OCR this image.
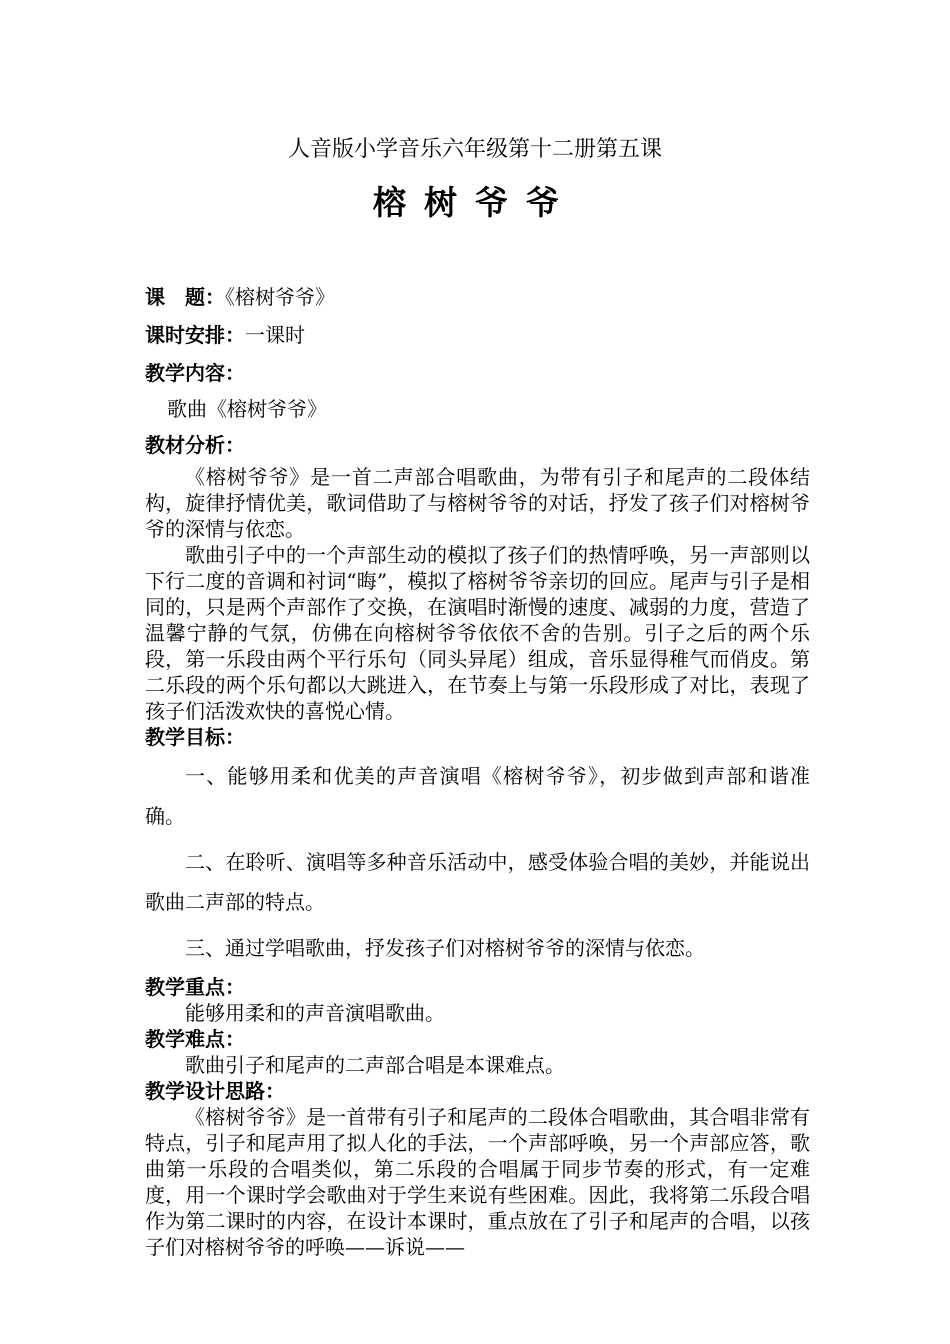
人音版小学音乐六年级第十二册第五课
榕树爷爷
课　题：《榕树爷爷》
课时安排：一课时
教学内容：
歌曲《榕树爷爷》
教材分析：

《榕树爷爷》是一首二声部合唱歌曲，为带有引子和尾声的二段体结构，旋律抒情优美，歌词借助了与榕树爷爷的对话，抒发了孩子们对榕树爷爷的深情与依恋。

歌曲引子中的一个声部生动的模拟了孩子们的热情呼唤，另一声部则以下行二度的音调和衬词“晦”，模拟了榕树爷爷亲切的回应。尾声与引子是相同的，只是两个声部作了交换，在演唱时渐慢的速度、减弱的力度，营造了温馨宁静的气氛，仿佛在向榕树爷爷依依不舍的告别。引子之后的两个乐段，第一乐段由两个平行乐句（同头异尾）组成，音乐显得稚气而俏皮。第二乐段的两个乐句都以大跳进入，在节奏上与第一乐段形成了对比，表现了孩子们活泼欢快的喜悦心情。

教学目标：

一、能够用柔和优美的声音演唱《榕树爷爷》，初步做到声部和谐准确。

二、在聆听、演唱等多种音乐活动中，感受体验合唱的美妙，并能说出歌曲二声部的特点。

三、通过学唱歌曲，抒发孩子们对榕树爷爷的深情与依恋。

教学重点：

能够用柔和的声音演唱歌曲。

教学难点：

歌曲引子和尾声的二声部合唱是本课难点。

教学设计思路：

《榕树爷爷》是一首带有引子和尾声的二段体合唱歌曲，其合唱非常有特点，引子和尾声用了拟人化的手法，一个声部呼唤，另一个声部应答，歌曲第一乐段的合唱类似，第二乐段的合唱属于同步节奏的形式，有一定难度，用一个课时学会歌曲对于学生来说有些困难。因此，我将第二乐段合唱作为第二课时的内容，在设计本课时，重点放在了引子和尾声的合唱，以孩子们对榕树爷爷的呼唤——诉说——
